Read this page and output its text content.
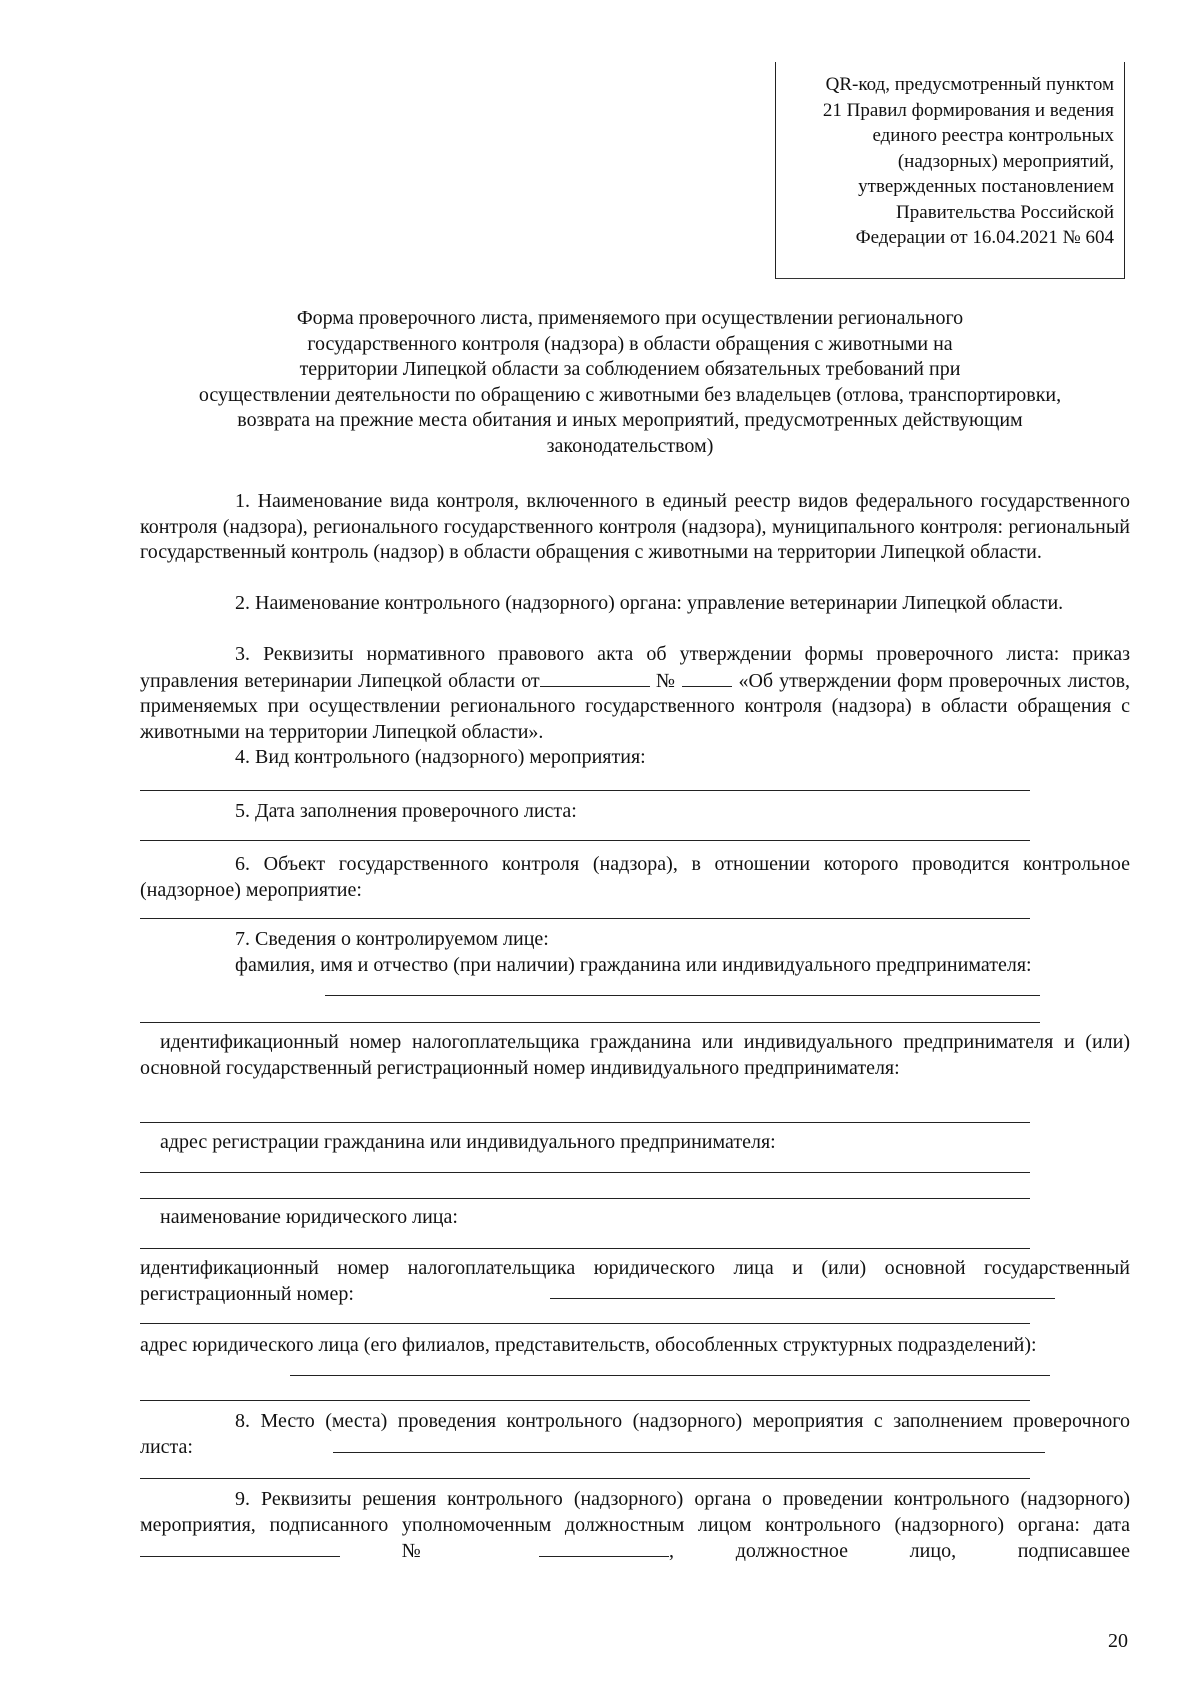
QR-код, предусмотренный пунктом
21 Правил формирования и ведения
единого реестра контрольных
(надзорных) мероприятий,
утвержденных постановлением
Правительства Российской
Федерации от 16.04.2021 № 604
Форма проверочного листа, применяемого при осуществлении регионального
государственного контроля (надзора) в области обращения с животными на
территории Липецкой области за соблюдением обязательных требований при
осуществлении деятельности по обращению с животными без владельцев (отлова, транспортировки,
возврата на прежние места обитания и иных мероприятий, предусмотренных действующим
законодательством)
1. Наименование вида контроля, включенного в единый реестр видов федерального государственного контроля (надзора), регионального государственного контроля (надзора), муниципального контроля: региональный государственный контроль (надзор) в области обращения с животными на территории Липецкой области.
2. Наименование контрольного (надзорного) органа: управление ветеринарии Липецкой области.
3. Реквизиты нормативного правового акта об утверждении формы проверочного листа: приказ управления ветеринарии Липецкой области от	№	«Об утверждении форм проверочных листов, применяемых при осуществлении регионального государственного контроля (надзора) в области обращения с животными на территории Липецкой области».
4. Вид контрольного (надзорного) мероприятия:
5. Дата заполнения проверочного листа:
6. Объект государственного контроля (надзора), в отношении которого проводится контрольное (надзорное) мероприятие:
7. Сведения о контролируемом лице:
фамилия, имя и отчество (при наличии) гражданина или индивидуального предпринимателя:
идентификационный номер налогоплательщика гражданина или индивидуального предпринимателя и (или) основной государственный регистрационный номер индивидуального предпринимателя:
адрес регистрации гражданина или индивидуального предпринимателя:
наименование юридического лица:
идентификационный номер налогоплательщика юридического лица и (или) основной государственный регистрационный номер:
адрес юридического лица (его филиалов, представительств, обособленных структурных подразделений):
8. Место (места) проведения контрольного (надзорного) мероприятия с заполнением проверочного листа:
9. Реквизиты решения контрольного (надзорного) органа о проведении контрольного (надзорного) мероприятия, подписанного уполномоченным должностным лицом контрольного (надзорного) органа: дата  №	, должностное лицо, подписавшее
20
